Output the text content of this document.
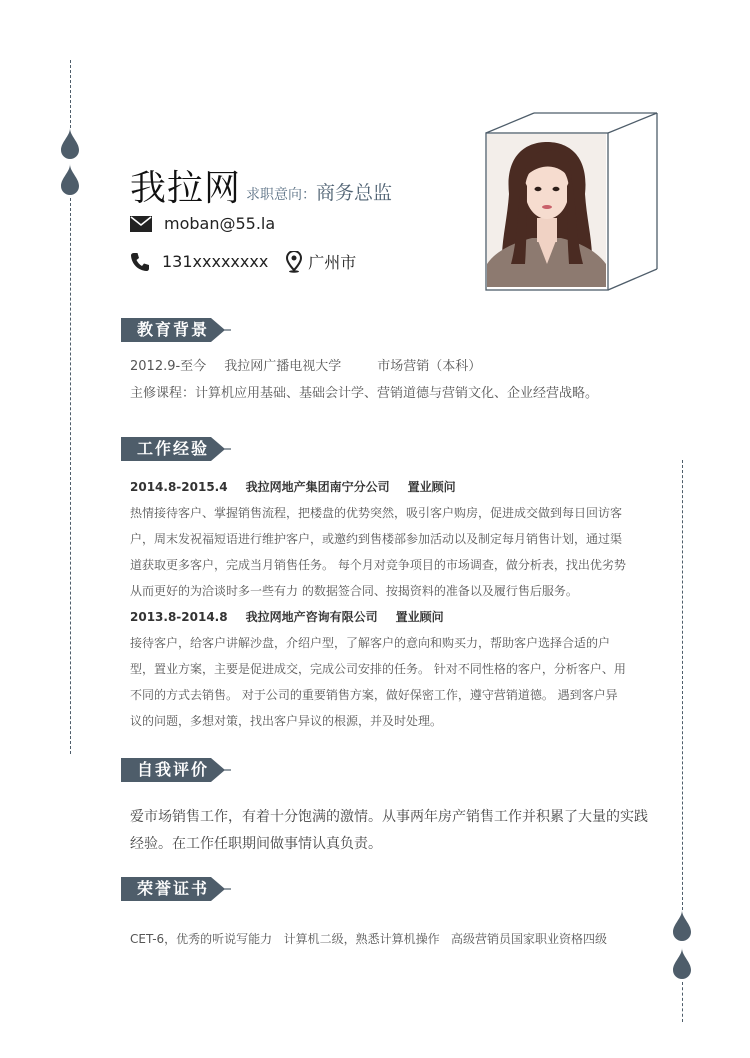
我拉网 求职意向：商务总监
moban@55.la
131xxxxxxxx	广州市
教育背景
2012.9-至今 我拉网广播电视大学	市场营销（本科）
主修课程：计算机应用基础、基础会计学、营销道德与营销文化、企业经营战略。
工作经验
2014.8-2015.4 我拉网地产集团南宁分公司 置业顾问
热情接待客户、掌握销售流程，把楼盘的优势突然，吸引客户购房，促进成交做到每日回访客
户，周末发祝福短语进行维护客户，或邀约到售楼部参加活动以及制定每月销售计划，通过渠
道获取更多客户，完成当月销售任务。 每个月对竞争项目的市场调查，做分析表，找出优劣势
从而更好的为洽谈时多一些有力 的数据签合同、按揭资料的准备以及履行售后服务。
2013.8-2014.8 我拉网地产咨询有限公司 置业顾问
接待客户，给客户讲解沙盘，介绍户型，了解客户的意向和购买力，帮助客户选择合适的户
型，置业方案，主要是促进成交，完成公司安排的任务。 针对不同性格的客户，分析客户、用
不同的方式去销售。 对于公司的重要销售方案，做好保密工作，遵守营销道德。 遇到客户异
议的问题，多想对策，找出客户异议的根源，并及时处理。
自我评价
爱市场销售工作，有着十分饱满的激情。从事两年房产销售工作并积累了大量的实践
经验。在工作任职期间做事情认真负责。
荣誉证书
CET-6，优秀的听说写能力   计算机二级，熟悉计算机操作   高级营销员国家职业资格四级
